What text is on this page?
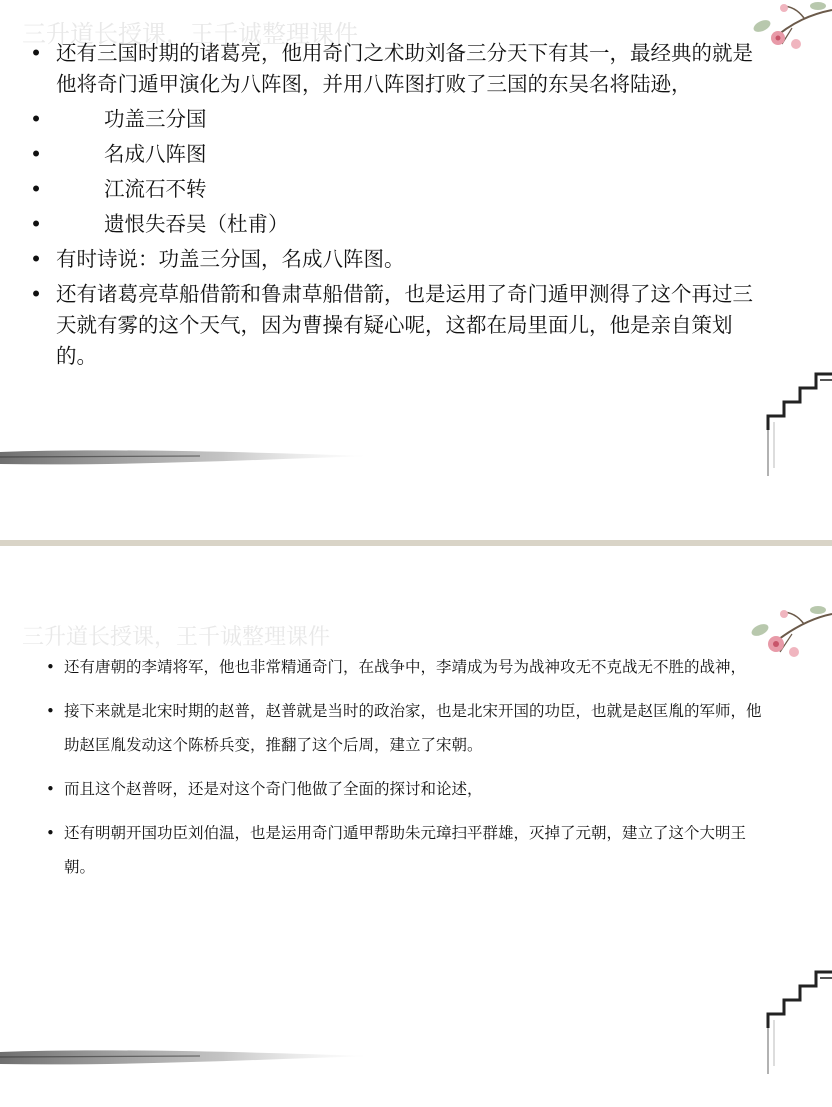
三升道长授课，王千诚整理课件
• 还有三国时期的诸葛亮，他用奇门之术助刘备三分天下有其一，最经典的就是他将奇门遁甲演化为八阵图，并用八阵图打败了三国的东吴名将陆逊，
•	功盖三分国
•	名成八阵图
•	江流石不转
•	遗恨失吞吴（杜甫）
• 有时诗说：功盖三分国，名成八阵图。
• 还有诸葛亮草船借箭和鲁肃草船借箭，也是运用了奇门遁甲测得了这个再过三天就有雾的这个天气，因为曹操有疑心呢，这都在局里面儿，他是亲自策划的。
三升道长授课，王千诚整理课件
• 还有唐朝的李靖将军，他也非常精通奇门，在战争中，李靖成为号为战神攻无不克战无不胜的战神，
• 接下来就是北宋时期的赵普，赵普就是当时的政治家，也是北宋开国的功臣，也就是赵匡胤的军师，他助赵匡胤发动这个陈桥兵变，推翻了这个后周，建立了宋朝。
• 而且这个赵普呀，还是对这个奇门他做了全面的探讨和论述，
• 还有明朝开国功臣刘伯温，也是运用奇门遁甲帮助朱元璋扫平群雄，灭掉了元朝，建立了这个大明王朝。
